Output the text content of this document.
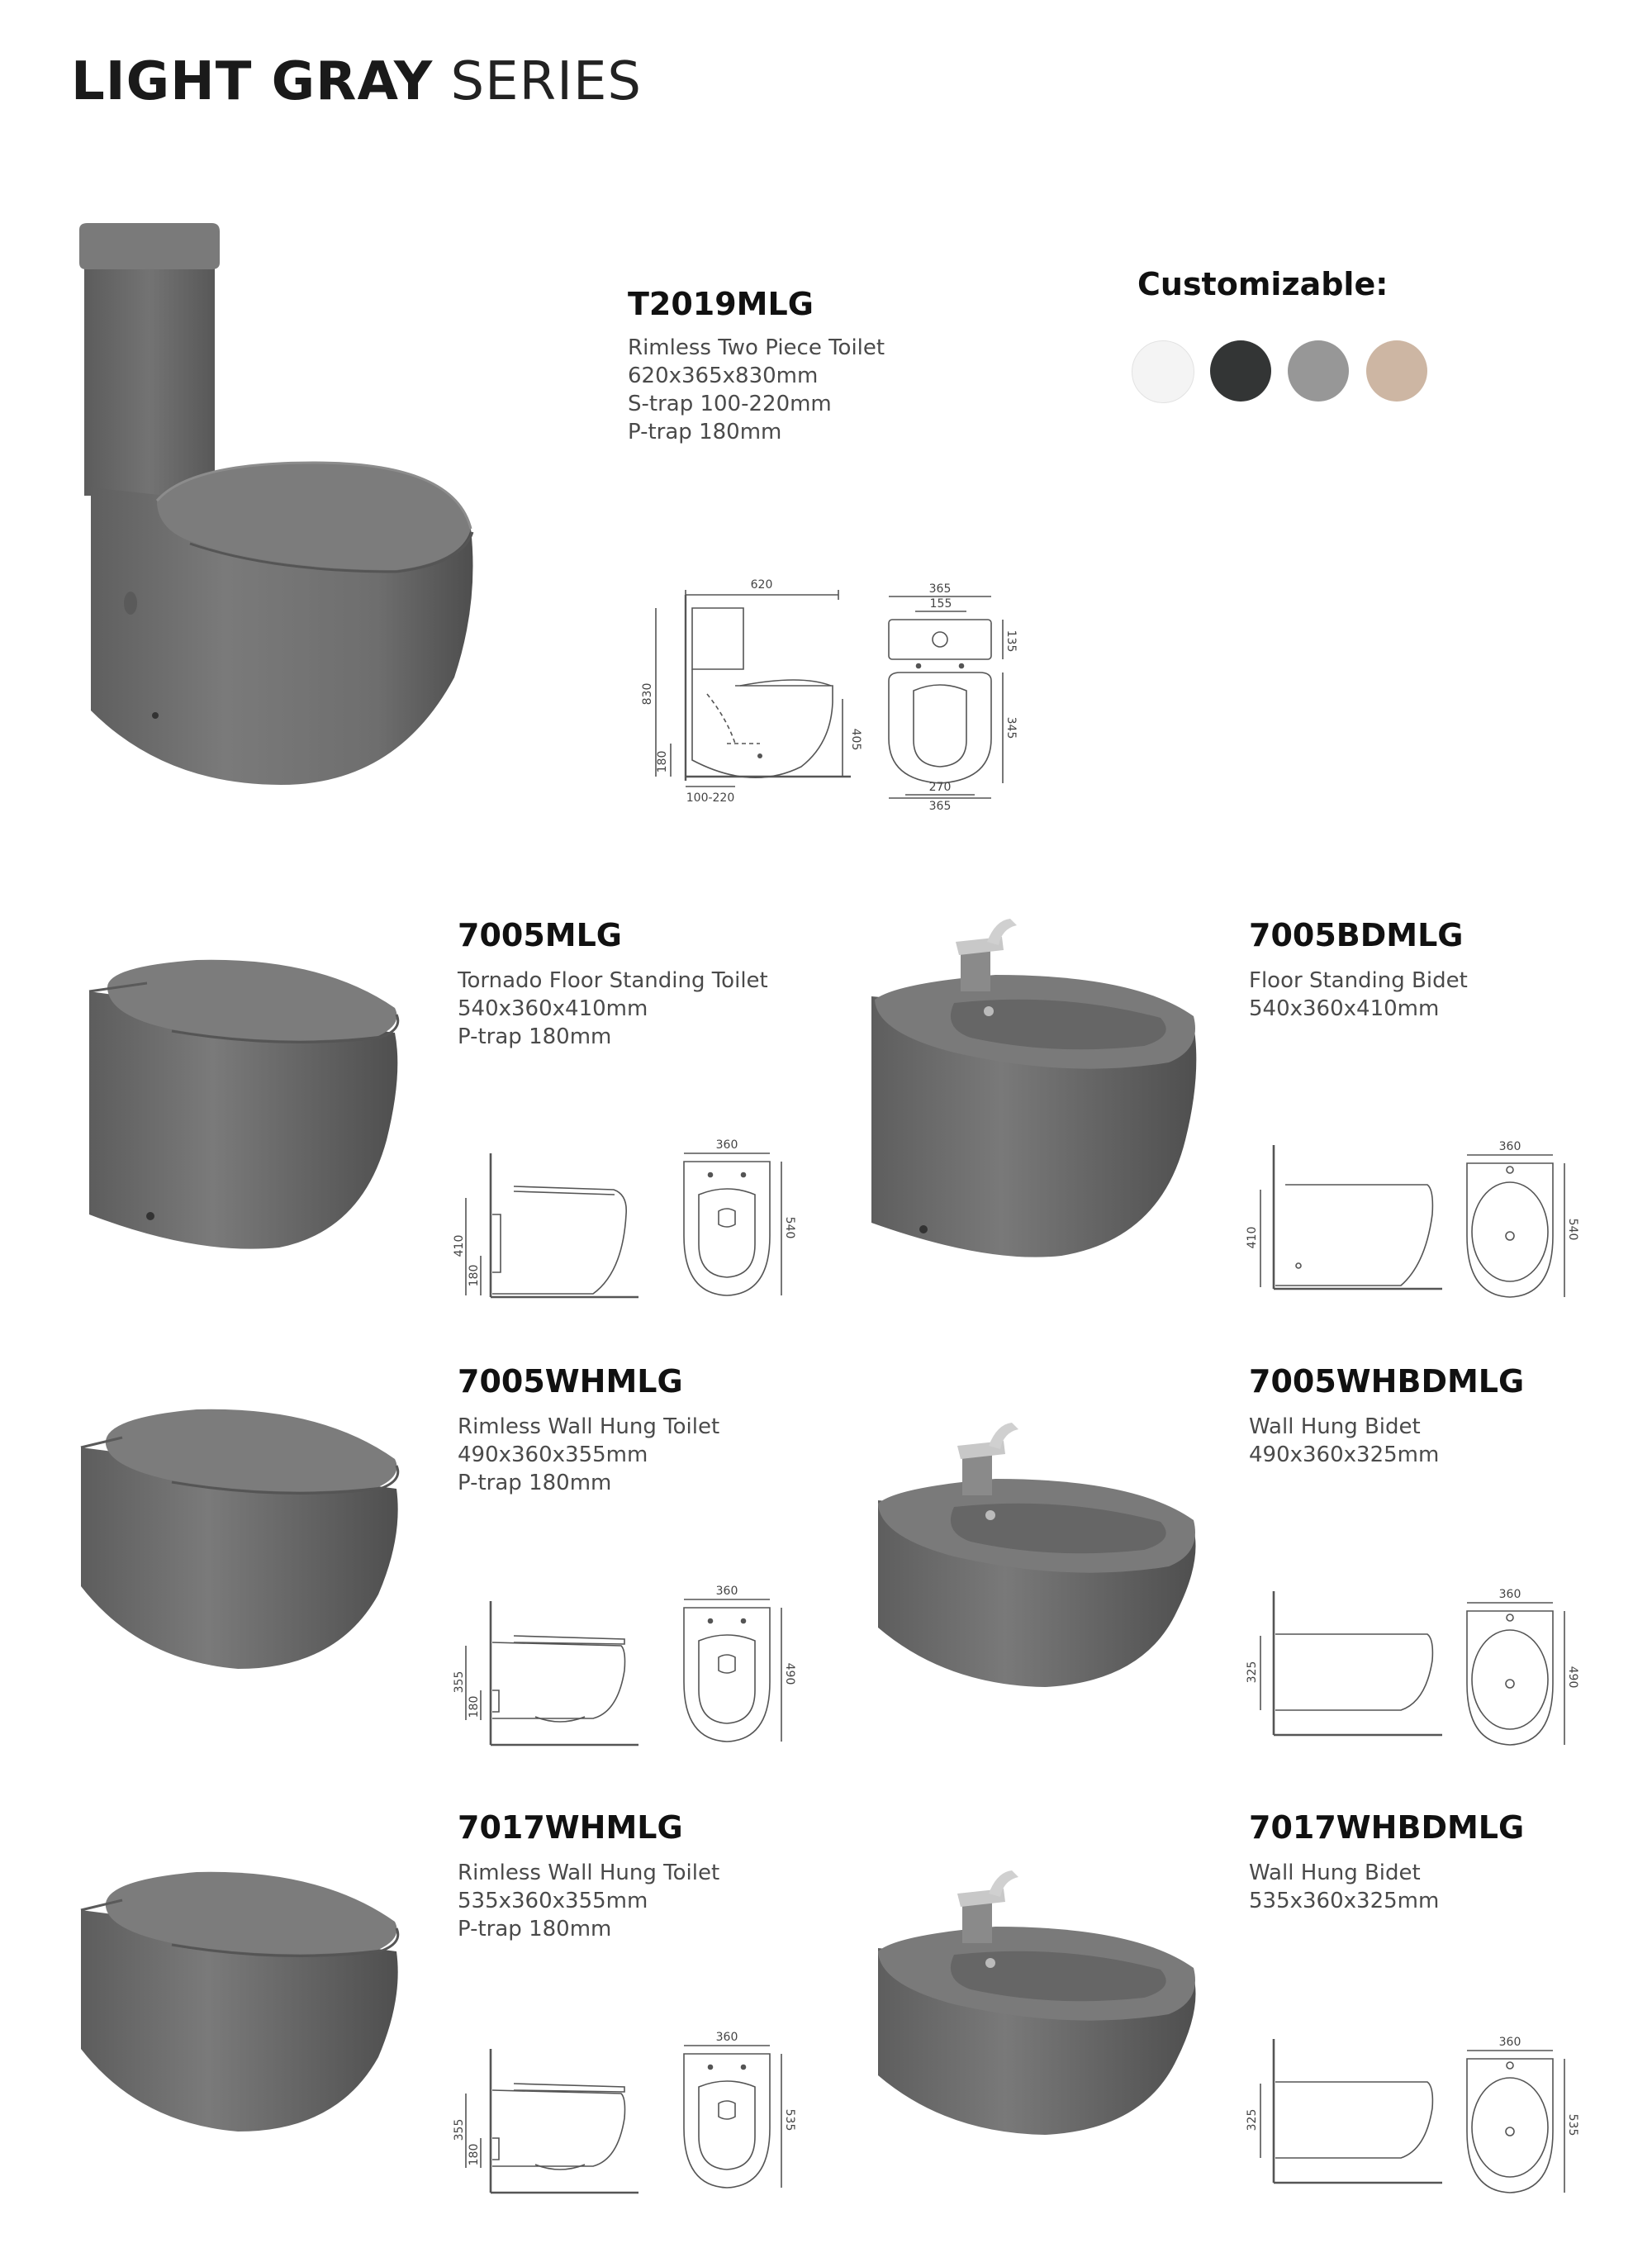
LIGHT GRAY SERIES
T2019MLG
Rimless Two Piece Toilet
620x365x830mm
S-trap 100-220mm
P-trap 180mm
Customizable:
620
830
180
405
100-220
365
155
135
345
270
365
7005MLG
Tornado Floor Standing Toilet
540x360x410mm
P-trap 180mm
410
180
360
540
7005BDMLG
Floor Standing Bidet
540x360x410mm
410
360
540
7005WHMLG
Rimless Wall Hung Toilet
490x360x355mm
P-trap 180mm
355
180
360
490
7005WHBDMLG
Wall Hung Bidet
490x360x325mm
325
360
490
7017WHMLG
Rimless Wall Hung Toilet
535x360x355mm
P-trap 180mm
355
180
360
535
7017WHBDMLG
Wall Hung Bidet
535x360x325mm
325
360
535
